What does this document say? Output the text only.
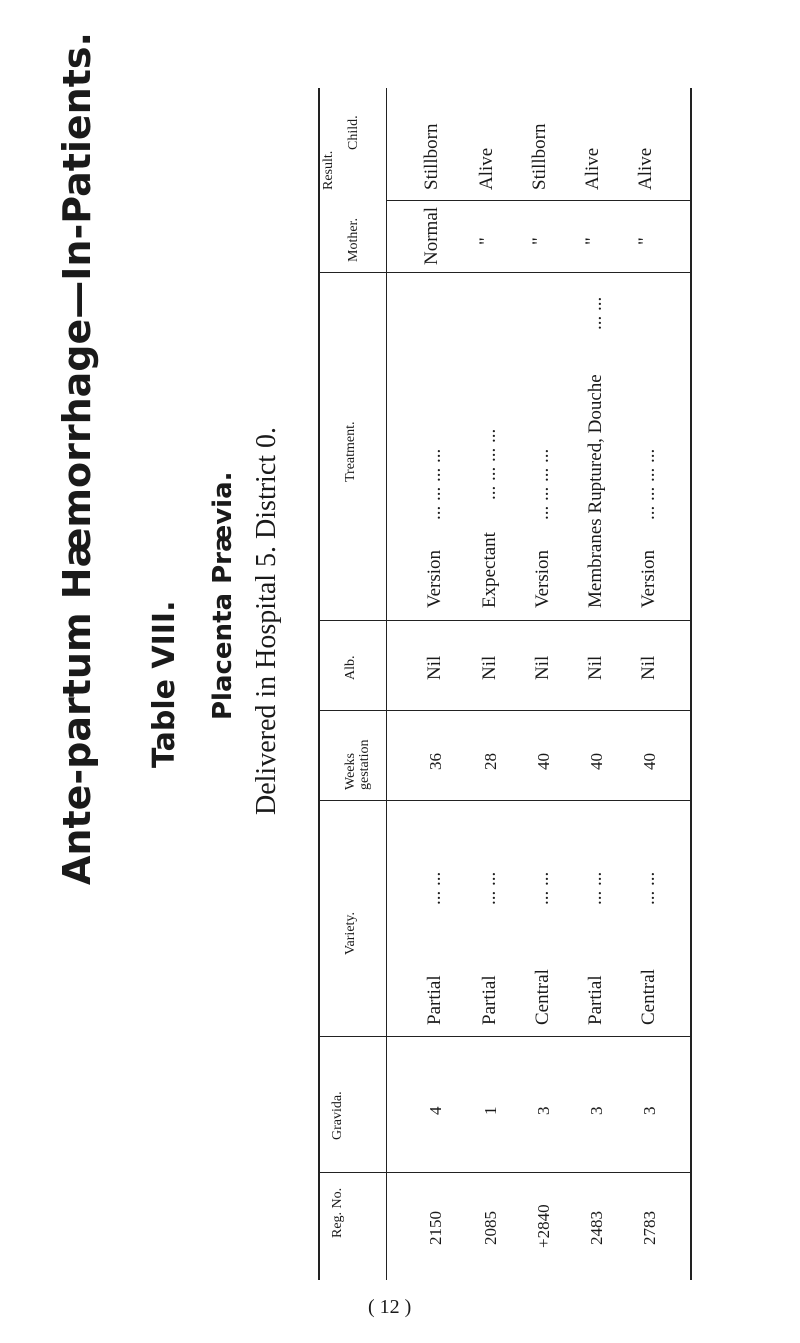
Ante-partum Hæmorrhage—In-Patients. Table VIII. Placenta Prævia. Delivered in Hospital 5. District 0.
Reg. No.
Gravida.
Variety.
Weeks gestation
Alb.
Treatment.
Mother.
Result.
Child.
2150
4
Partial
... ...
36
Nil
Version
... ... ... ...
Normal
Stillborn
2085
1
Partial
... ...
28
Nil
Expectant
... ... ... ...
"
Alive
+2840
3
Central
... ...
40
Nil
Version
... ... ... ...
"
Stillborn
2483
3
Partial
... ...
40
Nil
Membranes Ruptured, Douche
... ...
"
Alive
2783
3
Central
... ...
40
Nil
Version
... ... ... ...
"
Alive
( 12 )
